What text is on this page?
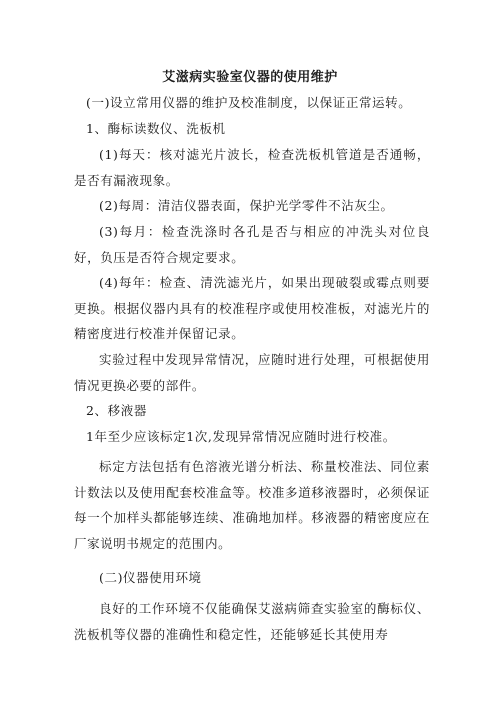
艾滋病实验室仪器的使用维护

(一)设立常用仪器的维护及校准制度，以保证正常运转。

1、酶标读数仪、洗板机

(1)每天：核对滤光片波长，检查洗板机管道是否通畅，是否有漏液现象。

(2)每周：清洁仪器表面，保护光学零件不沾灰尘。

(3)每月：检查洗涤时各孔是否与相应的冲洗头对位良好，负压是否符合规定要求。

(4)每年：检查、清洗滤光片，如果出现破裂或霉点则要更换。根据仪器内具有的校准程序或使用校准板，对滤光片的精密度进行校准并保留记录。

实验过程中发现异常情况，应随时进行处理，可根据使用情况更换必要的部件。

2、移液器

1年至少应该标定1次,发现异常情况应随时进行校准。

标定方法包括有色溶液光谱分析法、称量校准法、同位素计数法以及使用配套校准盒等。校准多道移液器时，必须保证每一个加样头都能够连续、准确地加样。移液器的精密度应在厂家说明书规定的范围内。

(二)仪器使用环境

良好的工作环境不仅能确保艾滋病筛查实验室的酶标仪、洗板机等仪器的准确性和稳定性，还能够延长其使用寿
